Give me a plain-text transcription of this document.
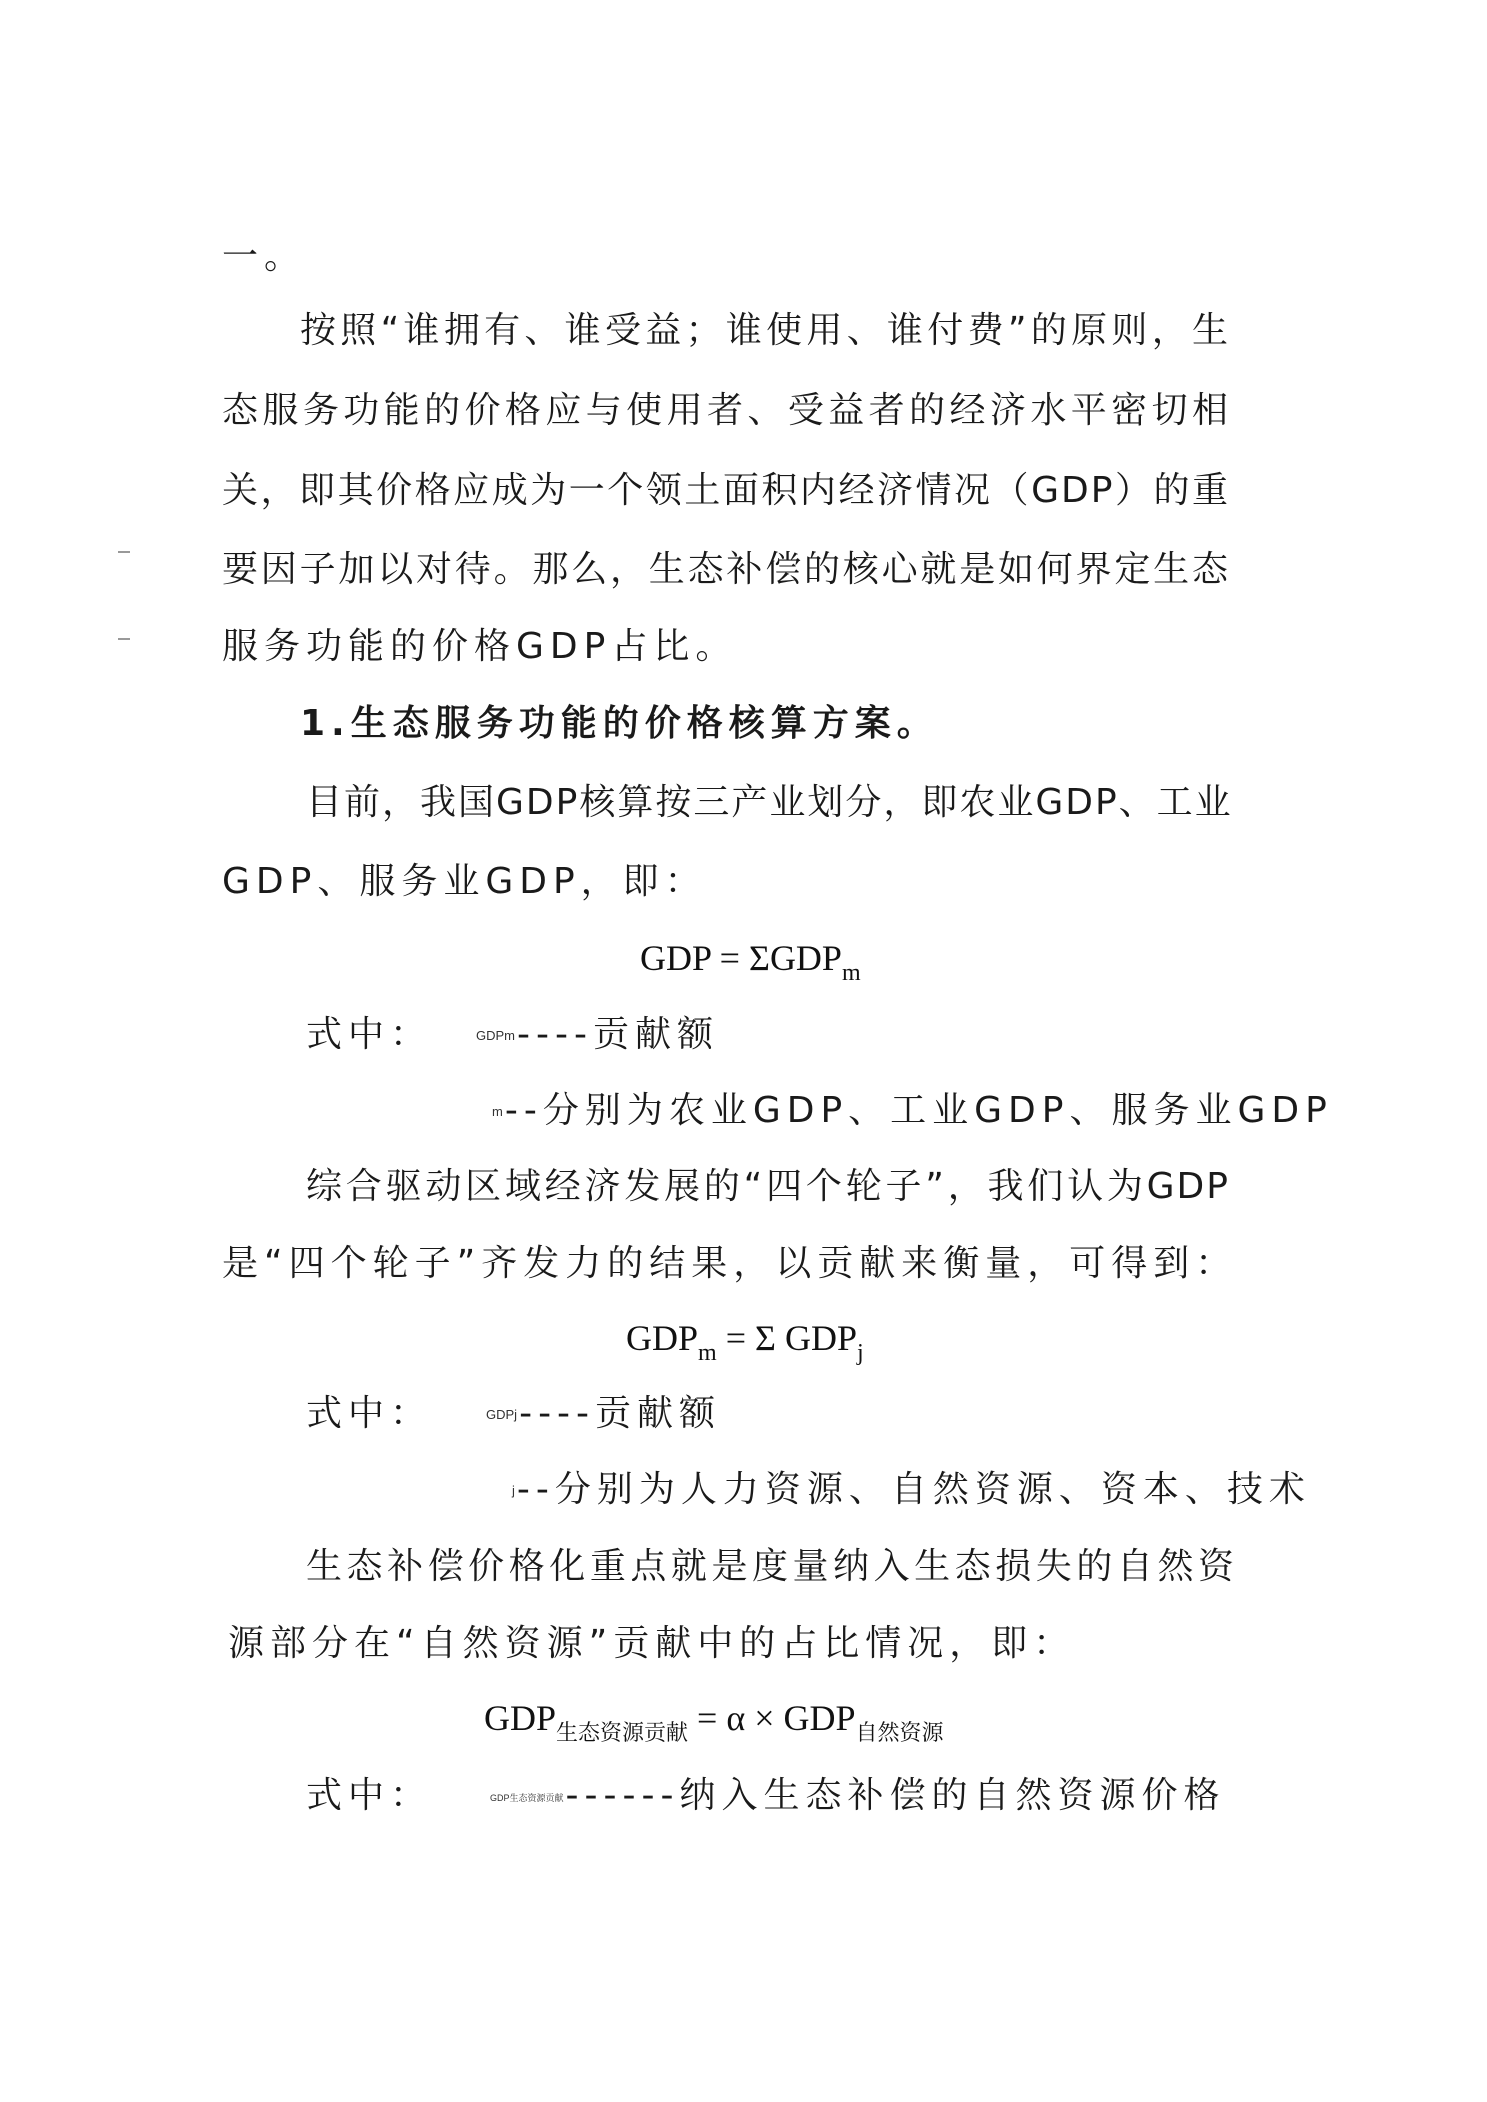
一。
按照“谁拥有、谁受益；谁使用、谁付费”的原则，生
态服务功能的价格应与使用者、受益者的经济水平密切相
关，即其价格应成为一个领土面积内经济情况（GDP）的重
要因子加以对待。那么，生态补偿的核心就是如何界定生态
服务功能的价格GDP占比。
1.生态服务功能的价格核算方案。
目前，我国GDP核算按三产业划分，即农业GDP、工业
GDP、服务业GDP，即：
GDP = $\Sigma GDP_m$
式中：	GDPm----贡献额
m--分别为农业GDP、工业GDP、服务业GDP
综合驱动区域经济发展的“四个轮子”，我们认为GDP
是“四个轮子”齐发力的结果，以贡献来衡量，可得到：
$GDP_m = \Sigma$ $GDP_j$
式中：	GDPj----贡献额
j--分别为人力资源、自然资源、资本、技术
生态补偿价格化重点就是度量纳入生态损失的自然资
源部分在“自然资源”贡献中的占比情况，即：
$GDP_{生态资源贡献} = \alpha \times GDP_{自然资源}$
式中：	GDP生态资源贡献------纳入生态补偿的自然资源价格
